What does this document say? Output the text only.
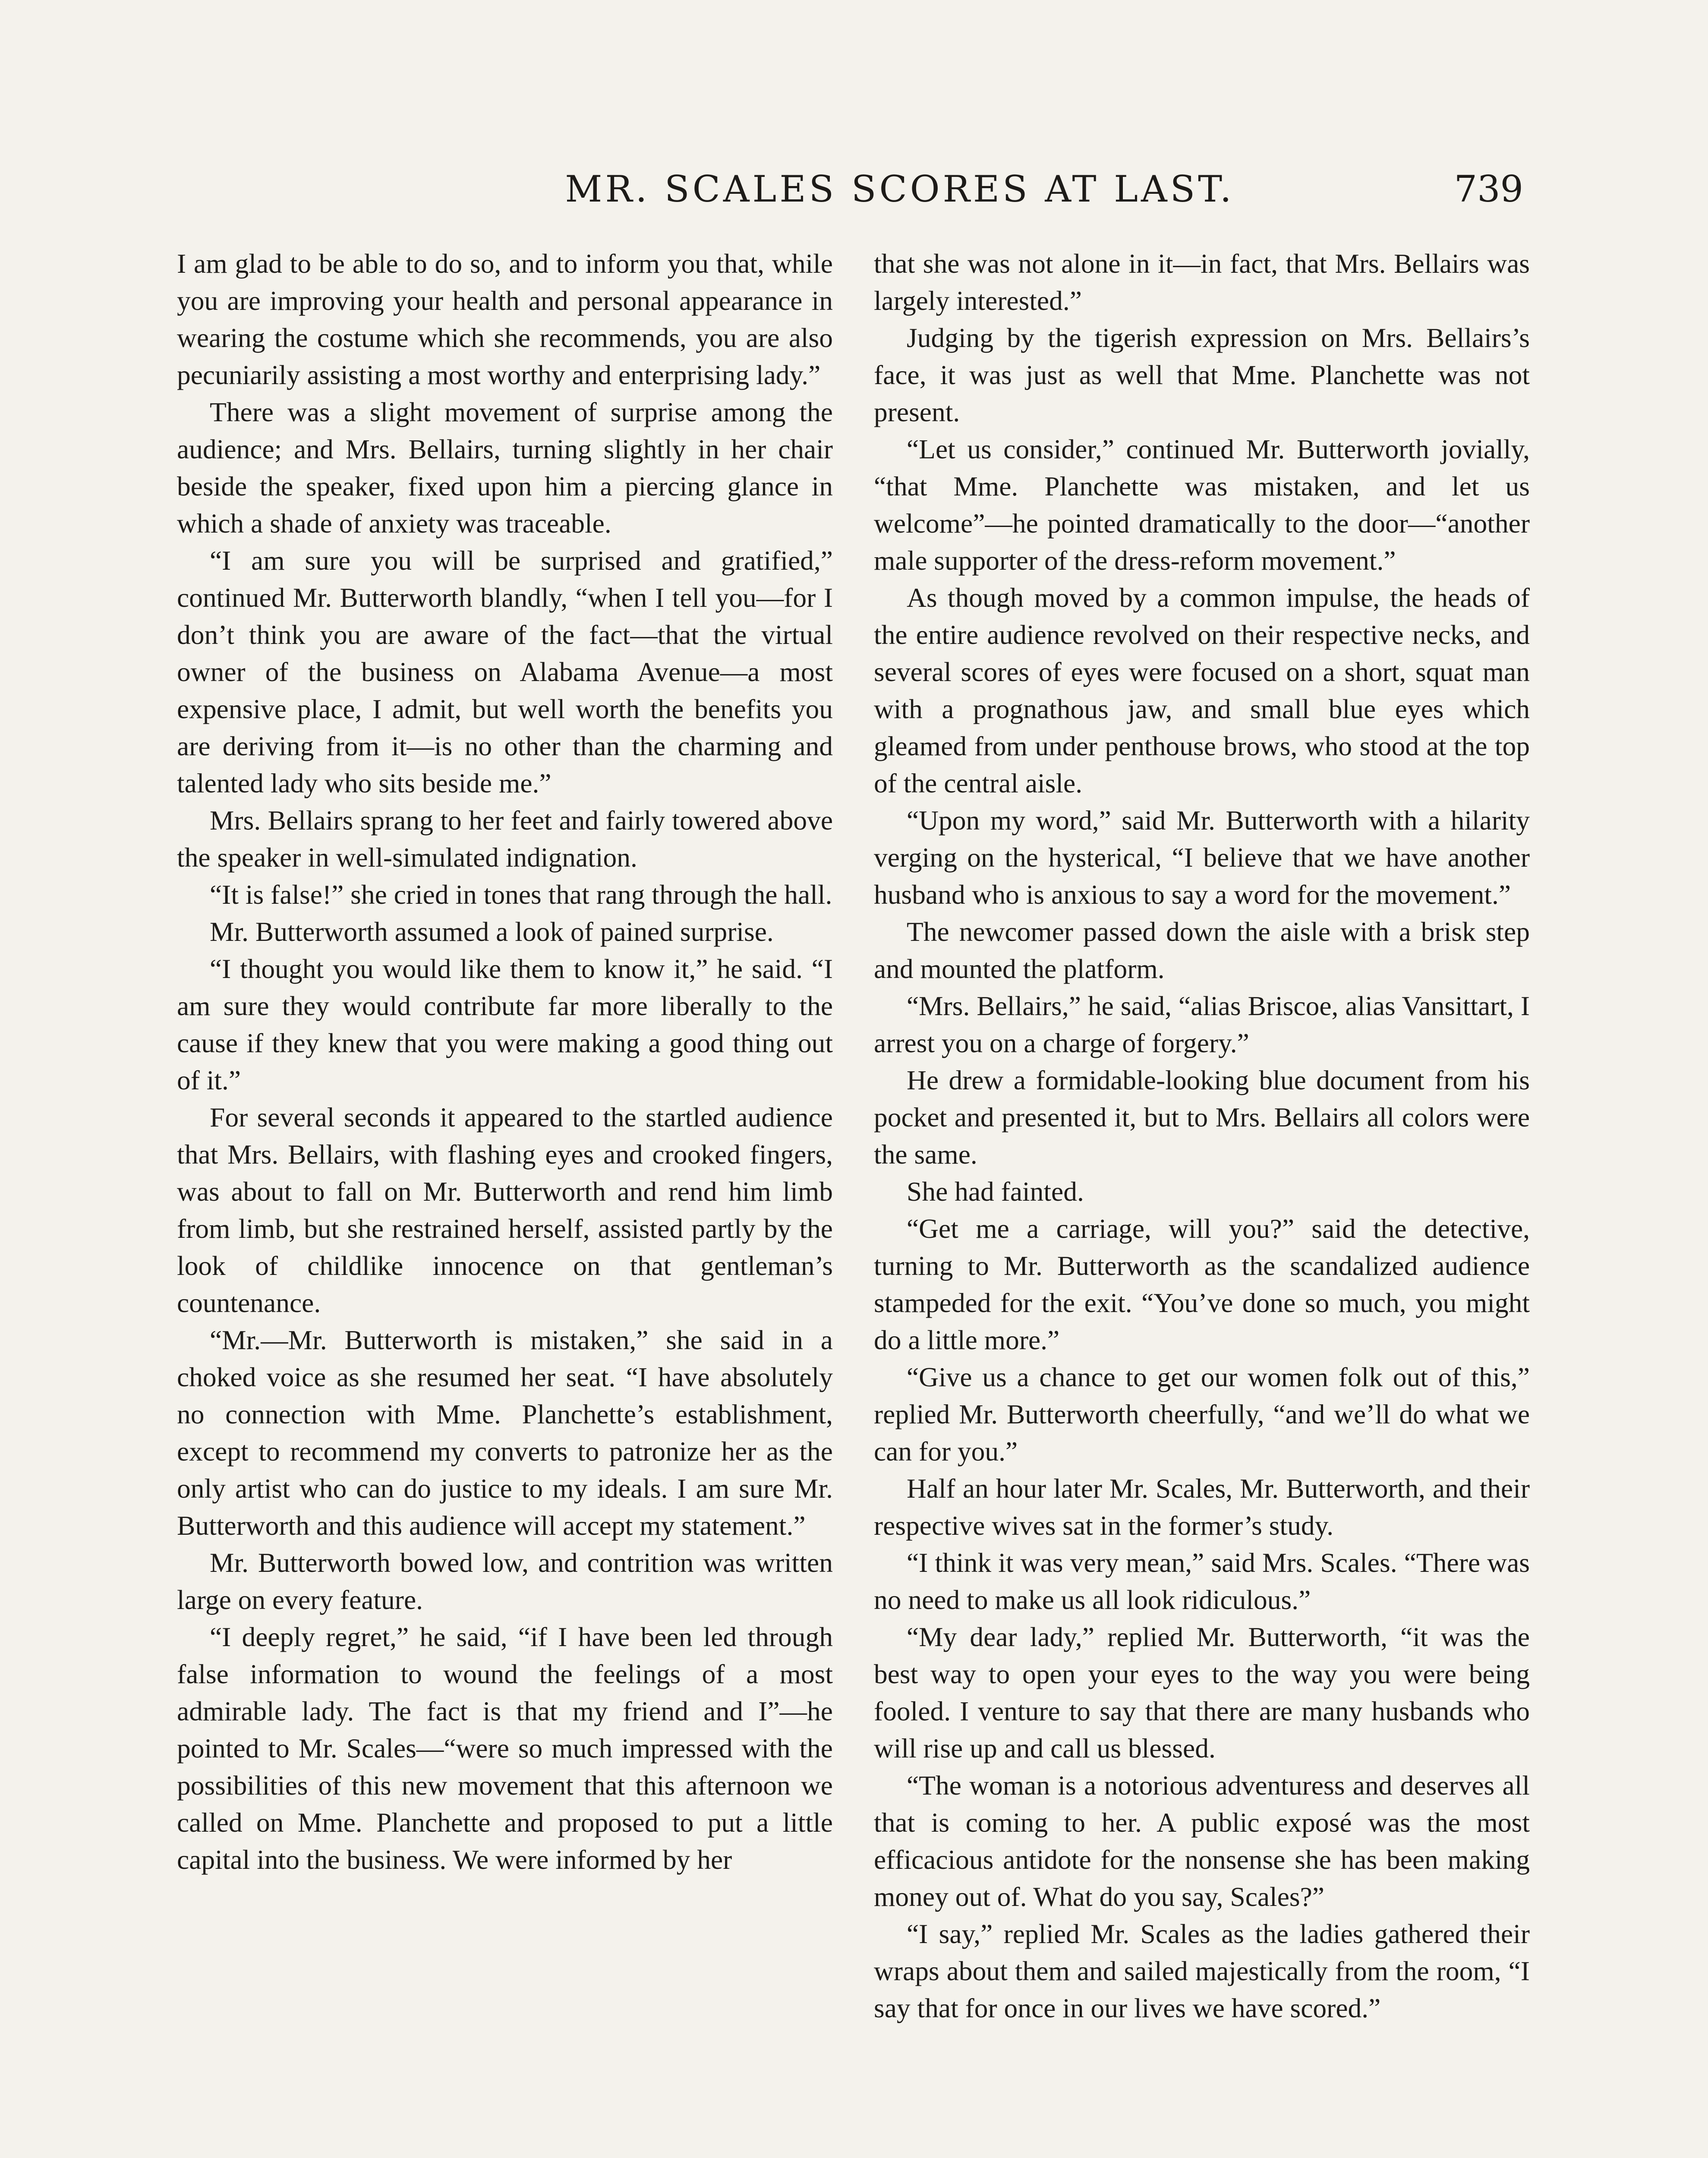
MR. SCALES SCORES AT LAST.	739

I am glad to be able to do so, and to inform you that, while you are improving your health and personal appearance in wearing the costume which she recommends, you are also pecuniarily assisting a most worthy and enterprising lady.”

There was a slight movement of surprise among the audience; and Mrs. Bellairs, turning slightly in her chair beside the speaker, fixed upon him a piercing glance in which a shade of anxiety was traceable.

“I am sure you will be surprised and gratified,” continued Mr. Butterworth blandly, “when I tell you—for I don’t think you are aware of the fact—that the virtual owner of the business on Alabama Avenue—a most expensive place, I admit, but well worth the benefits you are deriving from it—is no other than the charming and talented lady who sits beside me.”

Mrs. Bellairs sprang to her feet and fairly towered above the speaker in well-simulated indignation.

“It is false!” she cried in tones that rang through the hall.

Mr. Butterworth assumed a look of pained surprise.

“I thought you would like them to know it,” he said. “I am sure they would contribute far more liberally to the cause if they knew that you were making a good thing out of it.”

For several seconds it appeared to the startled audience that Mrs. Bellairs, with flashing eyes and crooked fingers, was about to fall on Mr. Butterworth and rend him limb from limb, but she restrained herself, assisted partly by the look of childlike innocence on that gentleman’s countenance.

“Mr.—Mr. Butterworth is mistaken,” she said in a choked voice as she resumed her seat. “I have absolutely no connection with Mme. Planchette’s establishment, except to recommend my converts to patronize her as the only artist who can do justice to my ideals. I am sure Mr. Butterworth and this audience will accept my statement.”

Mr. Butterworth bowed low, and contrition was written large on every feature.

“I deeply regret,” he said, “if I have been led through false information to wound the feelings of a most admirable lady. The fact is that my friend and I”—he pointed to Mr. Scales—“were so much impressed with the possibilities of this new movement that this afternoon we called on Mme. Planchette and proposed to put a little capital into the business. We were informed by her

that she was not alone in it—in fact, that Mrs. Bellairs was largely interested.”

Judging by the tigerish expression on Mrs. Bellairs’s face, it was just as well that Mme. Planchette was not present.

“Let us consider,” continued Mr. Butterworth jovially, “that Mme. Planchette was mistaken, and let us welcome”—he pointed dramatically to the door—“another male supporter of the dress-reform movement.”

As though moved by a common impulse, the heads of the entire audience revolved on their respective necks, and several scores of eyes were focused on a short, squat man with a prognathous jaw, and small blue eyes which gleamed from under penthouse brows, who stood at the top of the central aisle.

“Upon my word,” said Mr. Butterworth with a hilarity verging on the hysterical, “I believe that we have another husband who is anxious to say a word for the movement.”

The newcomer passed down the aisle with a brisk step and mounted the platform.

“Mrs. Bellairs,” he said, “alias Briscoe, alias Vansittart, I arrest you on a charge of forgery.”

He drew a formidable-looking blue document from his pocket and presented it, but to Mrs. Bellairs all colors were the same.

She had fainted.

“Get me a carriage, will you?” said the detective, turning to Mr. Butterworth as the scandalized audience stampeded for the exit. “You’ve done so much, you might do a little more.”

“Give us a chance to get our women folk out of this,” replied Mr. Butterworth cheerfully, “and we’ll do what we can for you.”

Half an hour later Mr. Scales, Mr. Butterworth, and their respective wives sat in the former’s study.

“I think it was very mean,” said Mrs. Scales. “There was no need to make us all look ridiculous.”

“My dear lady,” replied Mr. Butterworth, “it was the best way to open your eyes to the way you were being fooled. I venture to say that there are many husbands who will rise up and call us blessed.

“The woman is a notorious adventuress and deserves all that is coming to her. A public exposé was the most efficacious antidote for the nonsense she has been making money out of. What do you say, Scales?”

“I say,” replied Mr. Scales as the ladies gathered their wraps about them and sailed majestically from the room, “I say that for once in our lives we have scored.”
